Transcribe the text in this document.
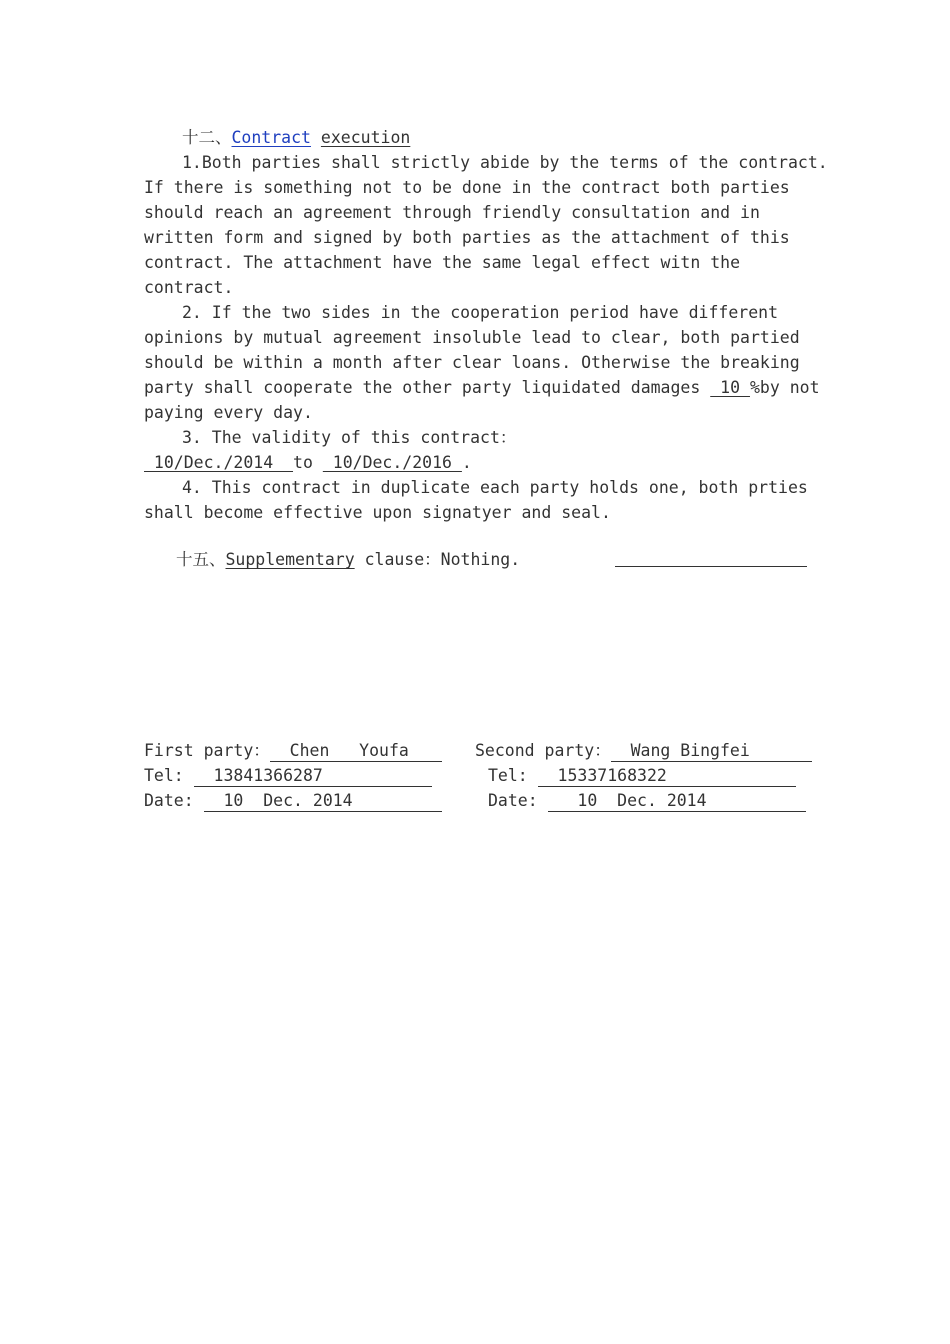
十二、Contract execution
1.Both parties shall strictly abide by the terms of the contract.
If there is something not to be done in the contract both parties
should reach an agreement through friendly consultation and in
written form and signed by both parties as the attachment of this
contract. The attachment have the same legal effect witn the
contract.
2. If the two sides in the cooperation period have different
opinions by mutual agreement insoluble lead to clear, both partied
should be within a month after clear loans. Otherwise the breaking
party shall cooperate the other party liquidated damages  10 %by not
paying every day.
3. The validity of this contract：
10/Dec./2014  to  10/Dec./2016 .
4. This contract in duplicate each party holds one, both prties
shall become effective upon signatyer and seal.
十五、Supplementary clause：Nothing.
First party：  Chen   Youfa
Tel:   13841366287
Date:   10  Dec. 2014
Second party：  Wang Bingfei
Tel:   15337168322
Date:    10  Dec. 2014
